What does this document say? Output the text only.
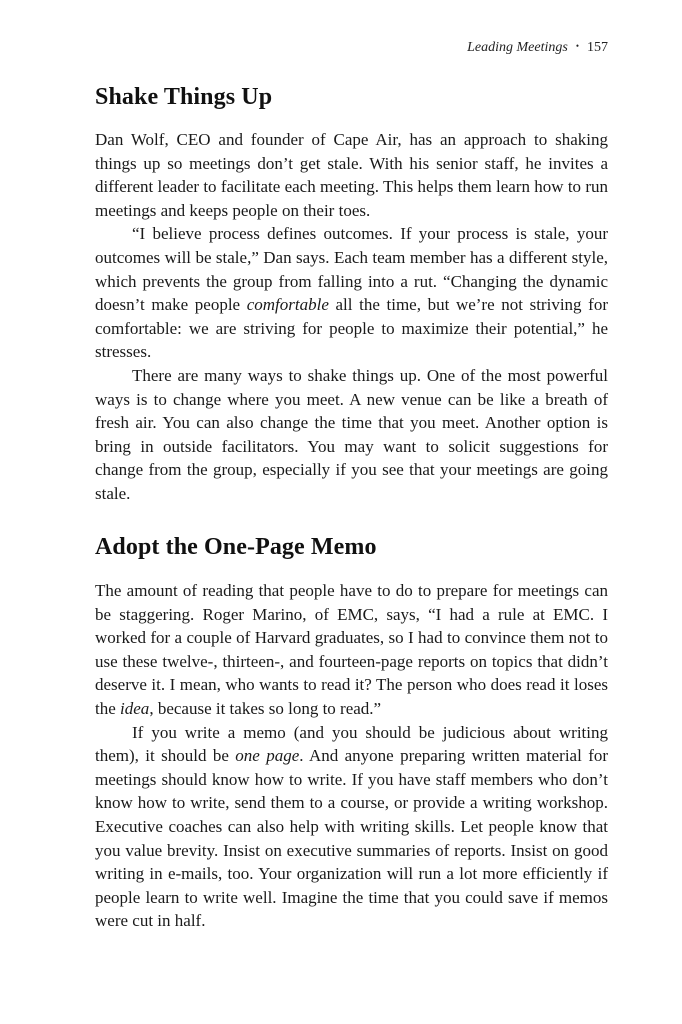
Leading Meetings • 157
Shake Things Up

Dan Wolf, CEO and founder of Cape Air, has an approach to shaking things up so meetings don’t get stale. With his senior staff, he invites a different leader to facilitate each meeting. This helps them learn how to run meetings and keeps people on their toes.

“I believe process defines outcomes. If your process is stale, your outcomes will be stale,” Dan says. Each team member has a different style, which prevents the group from falling into a rut. “Changing the dynamic doesn’t make people comfortable all the time, but we’re not striving for comfortable: we are striving for people to maximize their potential,” he stresses.

There are many ways to shake things up. One of the most powerful ways is to change where you meet. A new venue can be like a breath of fresh air. You can also change the time that you meet. Another option is bring in outside facilitators. You may want to solicit suggestions for change from the group, especially if you see that your meetings are going stale.

Adopt the One-Page Memo

The amount of reading that people have to do to prepare for meetings can be staggering. Roger Marino, of EMC, says, “I had a rule at EMC. I worked for a couple of Harvard graduates, so I had to convince them not to use these twelve-, thirteen-, and fourteen-page reports on topics that didn’t deserve it. I mean, who wants to read it? The person who does read it loses the idea, because it takes so long to read.”

If you write a memo (and you should be judicious about writing them), it should be one page. And anyone preparing written material for meetings should know how to write. If you have staff members who don’t know how to write, send them to a course, or provide a writing workshop. Executive coaches can also help with writing skills. Let people know that you value brevity. Insist on executive summaries of reports. Insist on good writing in e-mails, too. Your organization will run a lot more efficiently if people learn to write well. Imagine the time that you could save if memos were cut in half.
